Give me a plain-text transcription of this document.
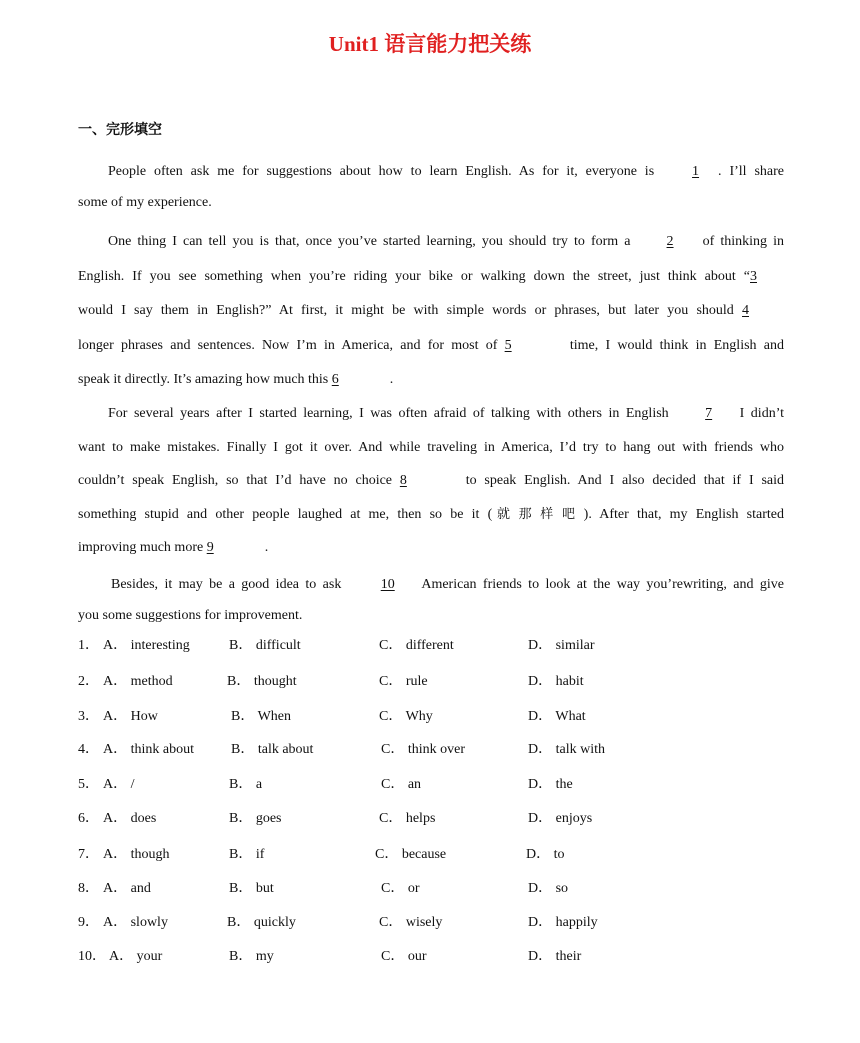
Unit1 语言能力把关练
一、完形填空
People often ask me for suggestions about how to learn English. As for it, everyone is 1 . I’ll share
some of my experience.
One thing I can tell you is that, once you’ve started learning, you should try to form a 2 of thinking in
English. If you see something when you’re riding your bike or walking down the street, just think about “3
would I say them in English?” At first, it might be with simple words or phrases, but later you should 4
longer phrases and sentences. Now I’m in America, and for most of 5	time, I would think in English and
speak it directly. It’s amazing how much this 6	.
For several years after I started learning, I was often afraid of talking with others in English 7 I didn’t
want to make mistakes. Finally I got it over. And while traveling in America, I’d try to hang out with friends who
couldn’t speak English, so that I’d have no choice 8	to speak English. And I also decided that if I said
something stupid and other people laughed at me, then so be it (就那样吧). After that, my English started
improving much more 9	.
Besides, it may be a good idea to ask 10 American friends to look at the way you’rewriting, and give
you some suggestions for improvement.
1． A． interesting	B． difficult	C． different	D． similar
2． A． method	B． thought	C． rule	D． habit
3． A． How	B． When	C． Why	D． What
4． A． think about	B． talk about	C． think over	D． talk with
5． A． /	B． a	C． an	D． the
6． A． does	B． goes	C． helps	D． enjoys
7． A． though	B． if	C． because	D． to
8． A． and	B． but	C． or	D． so
9． A． slowly	B． quickly	C． wisely	D． happily
10． A． your	B． my	C． our	D． their
